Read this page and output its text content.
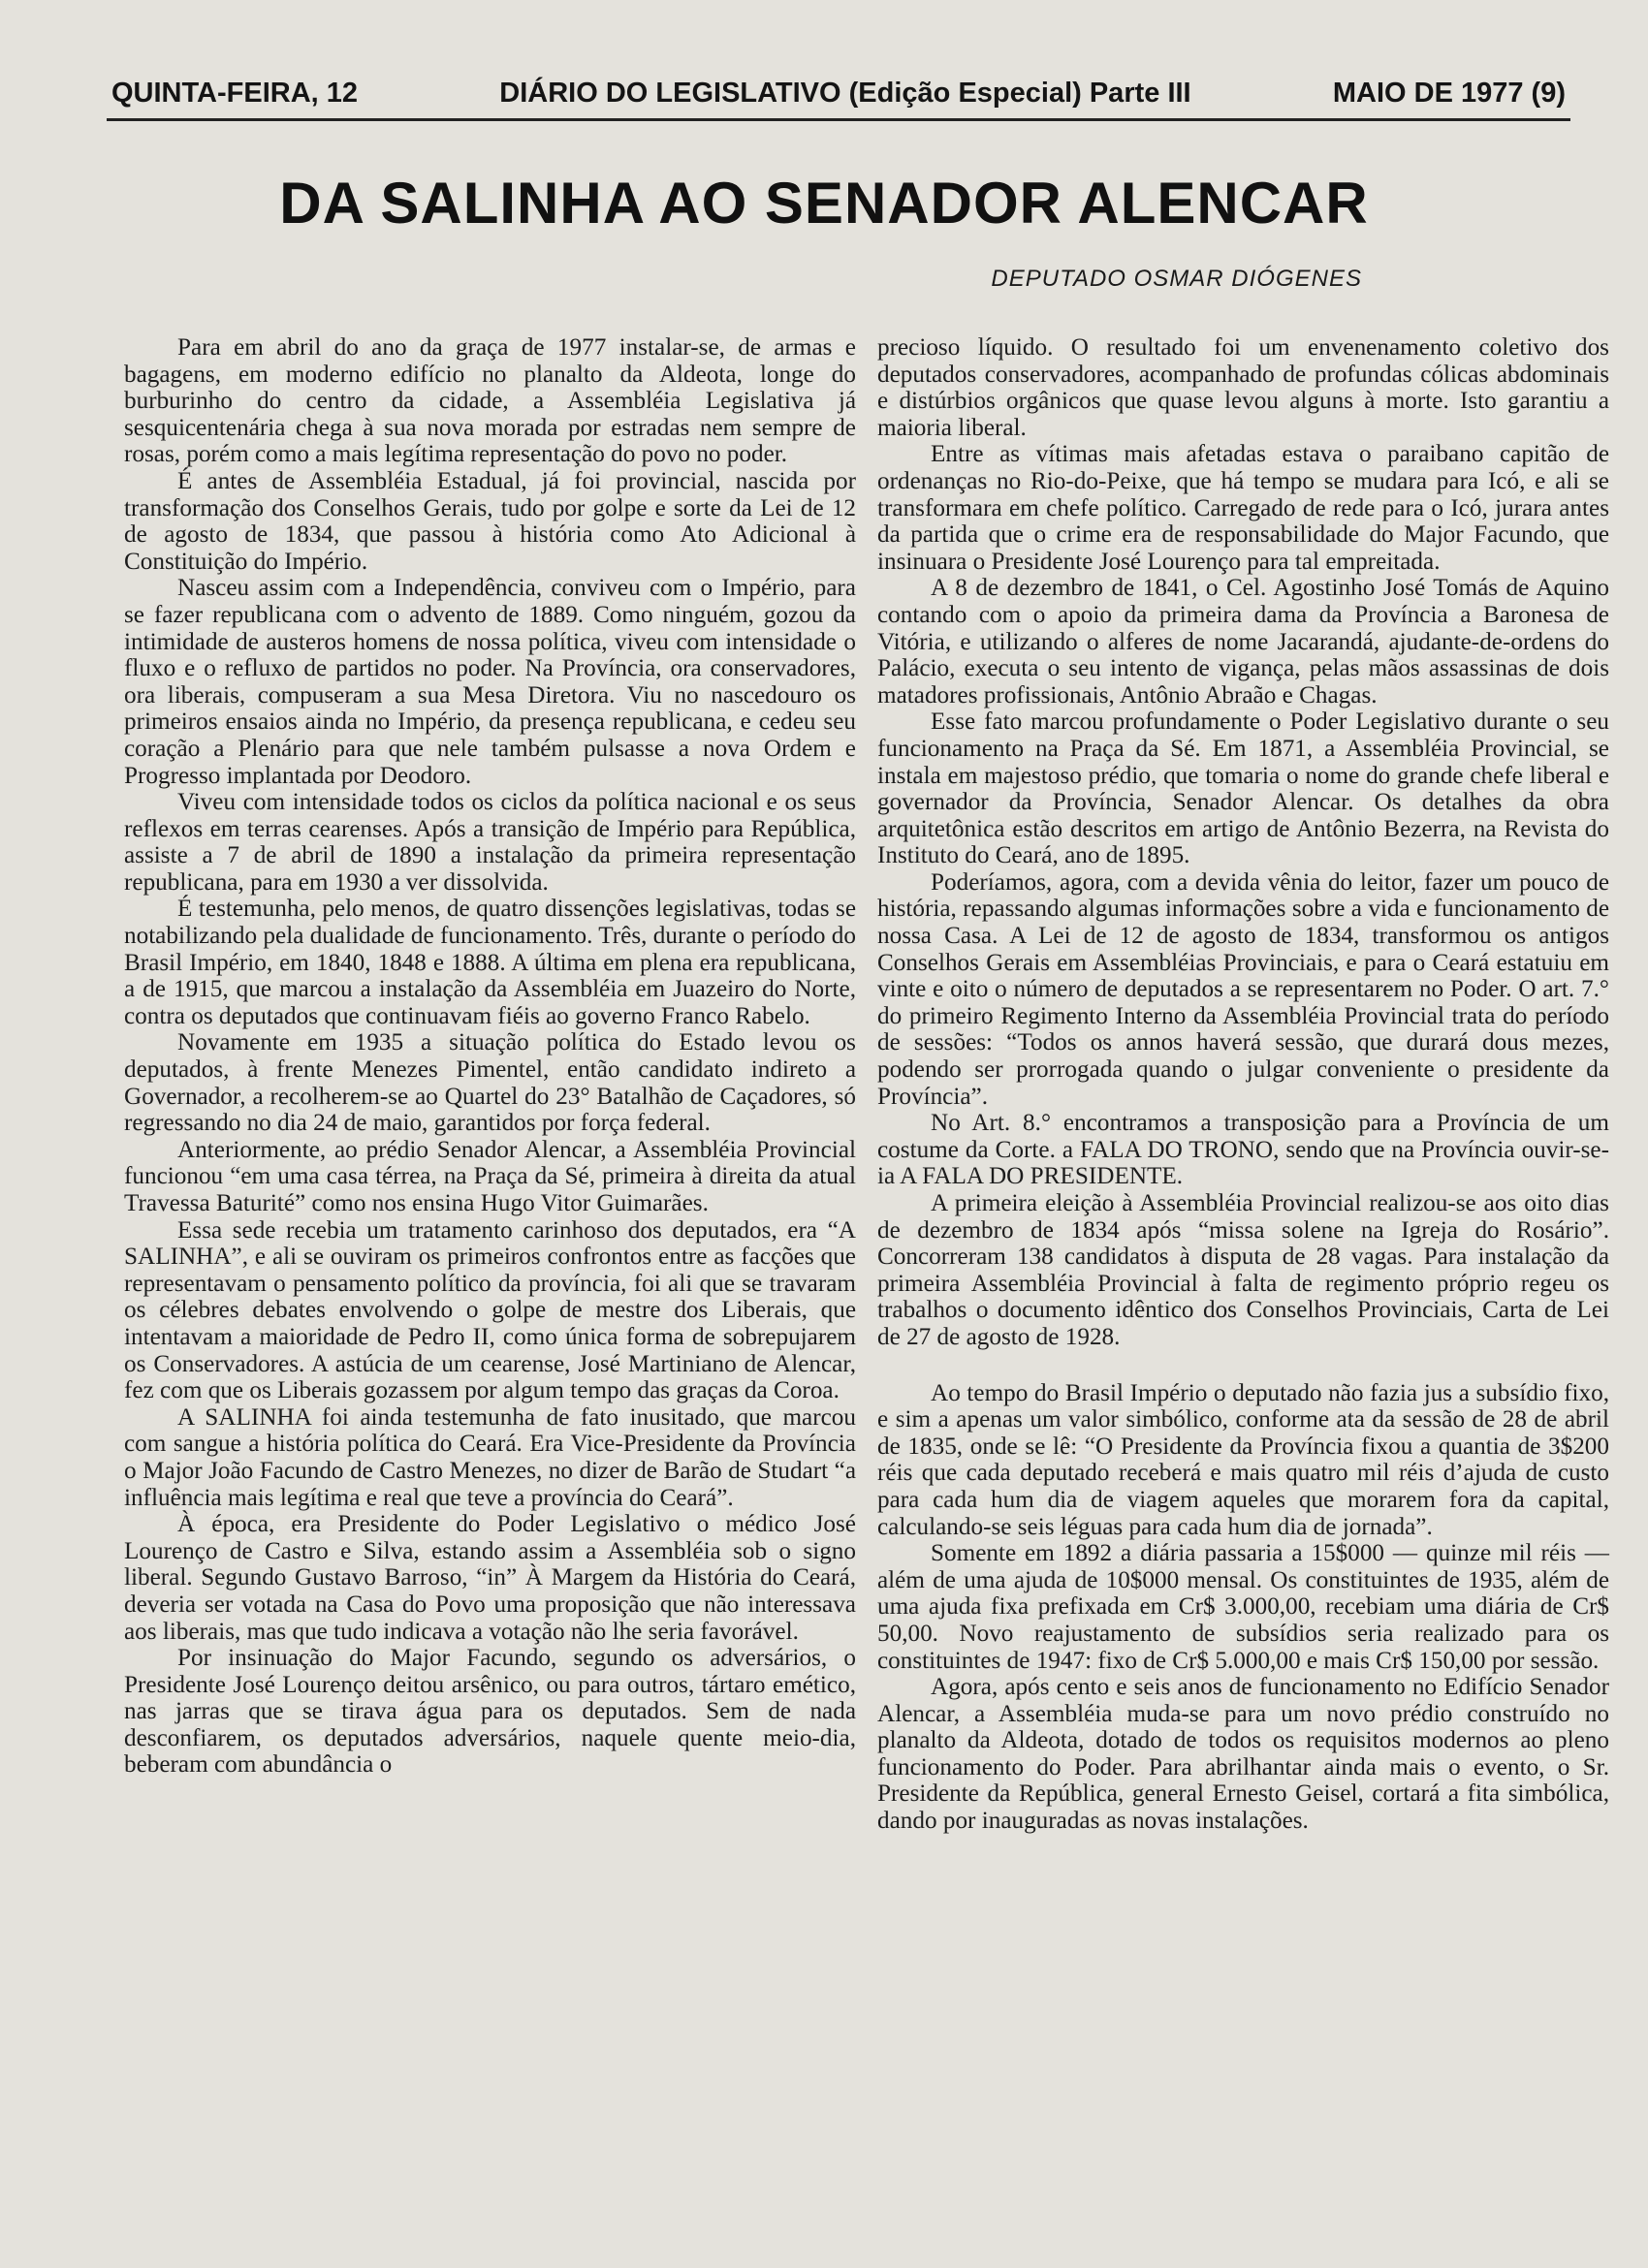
QUINTA-FEIRA, 12	DIÁRIO DO LEGISLATIVO (Edição Especial) Parte III	MAIO DE 1977 (9)
DA SALINHA AO SENADOR ALENCAR
DEPUTADO OSMAR DIÓGENES

Para em abril do ano da graça de 1977 instalar-se, de armas e bagagens, em moderno edifício no planalto da Aldeota, longe do burburinho do centro da cidade, a Assembléia Legislativa já sesquicentenária chega à sua nova morada por estradas nem sempre de rosas, porém como a mais legítima representação do povo no poder.

É antes de Assembléia Estadual, já foi provincial, nascida por transformação dos Conselhos Gerais, tudo por golpe e sorte da Lei de 12 de agosto de 1834, que passou à história como Ato Adicional à Constituição do Império.

Nasceu assim com a Independência, conviveu com o Império, para se fazer republicana com o advento de 1889. Como ninguém, gozou da intimidade de austeros homens de nossa política, viveu com intensidade o fluxo e o refluxo de partidos no poder. Na Província, ora conservadores, ora liberais, compuseram a sua Mesa Diretora. Viu no nascedouro os primeiros ensaios ainda no Império, da presença republicana, e cedeu seu coração a Plenário para que nele também pulsasse a nova Ordem e Progresso implantada por Deodoro.

Viveu com intensidade todos os ciclos da política nacional e os seus reflexos em terras cearenses. Após a transição de Império para República, assiste a 7 de abril de 1890 a instalação da primeira representação republicana, para em 1930 a ver dissolvida.

É testemunha, pelo menos, de quatro dissenções legislativas, todas se notabilizando pela dualidade de funcionamento. Três, durante o período do Brasil Império, em 1840, 1848 e 1888. A última em plena era republicana, a de 1915, que marcou a instalação da Assembléia em Juazeiro do Norte, contra os deputados que continuavam fiéis ao governo Franco Rabelo.

Novamente em 1935 a situação política do Estado levou os deputados, à frente Menezes Pimentel, então candidato indireto a Governador, a recolherem-se ao Quartel do 23° Batalhão de Caçadores, só regressando no dia 24 de maio, garantidos por força federal.

Anteriormente, ao prédio Senador Alencar, a Assembléia Provincial funcionou “em uma casa térrea, na Praça da Sé, primeira à direita da atual Travessa Baturité” como nos ensina Hugo Vitor Guimarães.

Essa sede recebia um tratamento carinhoso dos deputados, era “A SALINHA”, e ali se ouviram os primeiros confrontos entre as facções que representavam o pensamento político da província, foi ali que se travaram os célebres debates envolvendo o golpe de mestre dos Liberais, que intentavam a maioridade de Pedro II, como única forma de sobrepujarem os Conservadores. A astúcia de um cearense, José Martiniano de Alencar, fez com que os Liberais gozassem por algum tempo das graças da Coroa.

A SALINHA foi ainda testemunha de fato inusitado, que marcou com sangue a história política do Ceará. Era Vice-Presidente da Província o Major João Facundo de Castro Menezes, no dizer de Barão de Studart “a influência mais legítima e real que teve a província do Ceará”.

À época, era Presidente do Poder Legislativo o médico José Lourenço de Castro e Silva, estando assim a Assembléia sob o signo liberal. Segundo Gustavo Barroso, “in” À Margem da História do Ceará, deveria ser votada na Casa do Povo uma proposição que não interessava aos liberais, mas que tudo indicava a votação não lhe seria favorável.

Por insinuação do Major Facundo, segundo os adversários, o Presidente José Lourenço deitou arsênico, ou para outros, tártaro emético, nas jarras que se tirava água para os deputados. Sem de nada desconfiarem, os deputados adversários, naquele quente meio-dia, beberam com abundância o

precioso líquido. O resultado foi um envenenamento coletivo dos deputados conservadores, acompanhado de profundas cólicas abdominais e distúrbios orgânicos que quase levou alguns à morte. Isto garantiu a maioria liberal.

Entre as vítimas mais afetadas estava o paraibano capitão de ordenanças no Rio-do-Peixe, que há tempo se mudara para Icó, e ali se transformara em chefe político. Carregado de rede para o Icó, jurara antes da partida que o crime era de responsabilidade do Major Facundo, que insinuara o Presidente José Lourenço para tal empreitada.

A 8 de dezembro de 1841, o Cel. Agostinho José Tomás de Aquino contando com o apoio da primeira dama da Província a Baronesa de Vitória, e utilizando o alferes de nome Jacarandá, ajudante-de-ordens do Palácio, executa o seu intento de vigança, pelas mãos assassinas de dois matadores profissionais, Antônio Abraão e Chagas.

Esse fato marcou profundamente o Poder Legislativo durante o seu funcionamento na Praça da Sé. Em 1871, a Assembléia Provincial, se instala em majestoso prédio, que tomaria o nome do grande chefe liberal e governador da Província, Senador Alencar. Os detalhes da obra arquitetônica estão descritos em artigo de Antônio Bezerra, na Revista do Instituto do Ceará, ano de 1895.

Poderíamos, agora, com a devida vênia do leitor, fazer um pouco de história, repassando algumas informações sobre a vida e funcionamento de nossa Casa. A Lei de 12 de agosto de 1834, transformou os antigos Conselhos Gerais em Assembléias Provinciais, e para o Ceará estatuiu em vinte e oito o número de deputados a se representarem no Poder. O art. 7.° do primeiro Regimento Interno da Assembléia Provincial trata do período de sessões: “Todos os annos haverá sessão, que durará dous mezes, podendo ser prorrogada quando o julgar conveniente o presidente da Província”.

No Art. 8.° encontramos a transposição para a Província de um costume da Corte. a FALA DO TRONO, sendo que na Província ouvir-se-ia A FALA DO PRESIDENTE.

A primeira eleição à Assembléia Provincial realizou-se aos oito dias de dezembro de 1834 após “missa solene na Igreja do Rosário”. Concorreram 138 candidatos à disputa de 28 vagas. Para instalação da primeira Assembléia Provincial à falta de regimento próprio regeu os trabalhos o documento idêntico dos Conselhos Provinciais, Carta de Lei de 27 de agosto de 1928.

Ao tempo do Brasil Império o deputado não fazia jus a subsídio fixo, e sim a apenas um valor simbólico, conforme ata da sessão de 28 de abril de 1835, onde se lê: “O Presidente da Província fixou a quantia de 3$200 réis que cada deputado receberá e mais quatro mil réis d’ajuda de custo para cada hum dia de viagem aqueles que morarem fora da capital, calculando-se seis léguas para cada hum dia de jornada”.

Somente em 1892 a diária passaria a 15$000 — quinze mil réis — além de uma ajuda de 10$000 mensal. Os constituintes de 1935, além de uma ajuda fixa prefixada em Cr$ 3.000,00, recebiam uma diária de Cr$ 50,00. Novo reajustamento de subsídios seria realizado para os constituintes de 1947: fixo de Cr$ 5.000,00 e mais Cr$ 150,00 por sessão.

Agora, após cento e seis anos de funcionamento no Edifício Senador Alencar, a Assembléia muda-se para um novo prédio construído no planalto da Aldeota, dotado de todos os requisitos modernos ao pleno funcionamento do Poder. Para abrilhantar ainda mais o evento, o Sr. Presidente da República, general Ernesto Geisel, cortará a fita simbólica, dando por inauguradas as novas instalações.
